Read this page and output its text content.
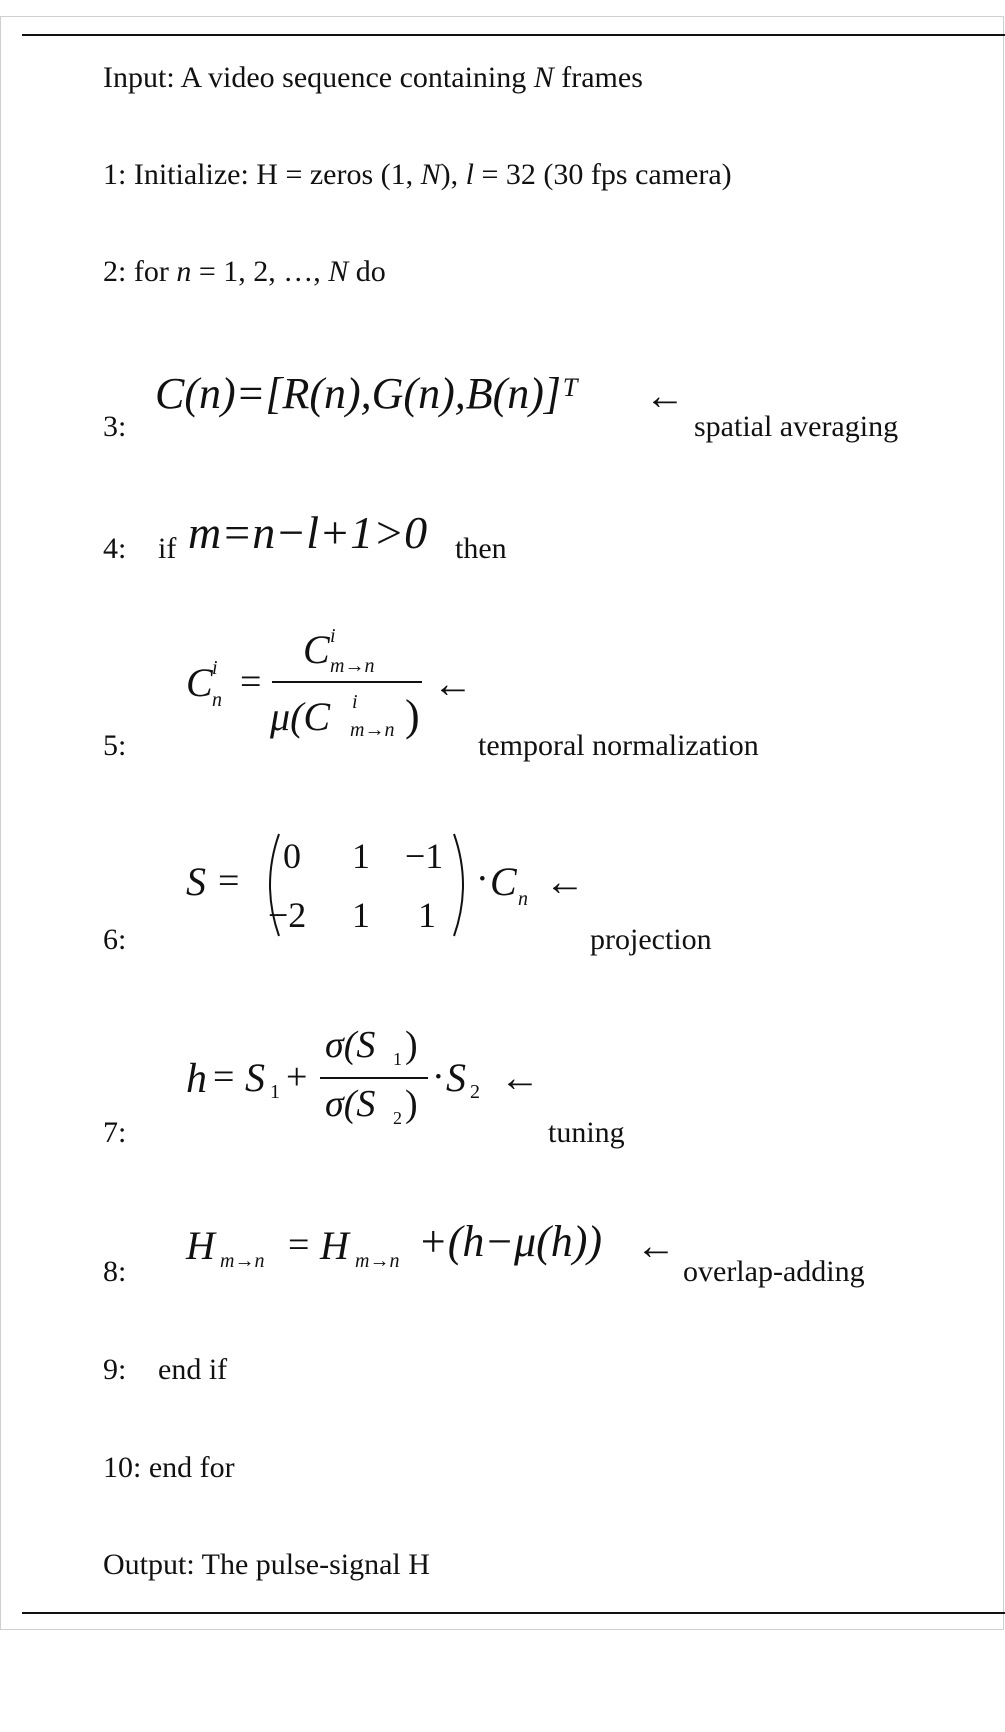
Input: A video sequence containing N frames
1: Initialize: H = zeros (1, N), l = 32 (30 fps camera)
2: for n = 1, 2, …, N do
3:
C(n)=[R(n),G(n),B(n)]ᵀ ←
spatial averaging
4: if m=n−l+1>0 then
5:
C i
n =
C i
m→n
μ(C i
m→n )
←
temporal normalization
6:
S =
0 1 −1
−2 1 1
· C n ←
projection
7:
h = S 1 +
σ(S 1 )
σ(S 2 )
· S 2 ←
tuning
8:
H m→n = H m→n +(h−μ(h)) ←
overlap-adding
9: end if
10: end for
Output: The pulse-signal H
